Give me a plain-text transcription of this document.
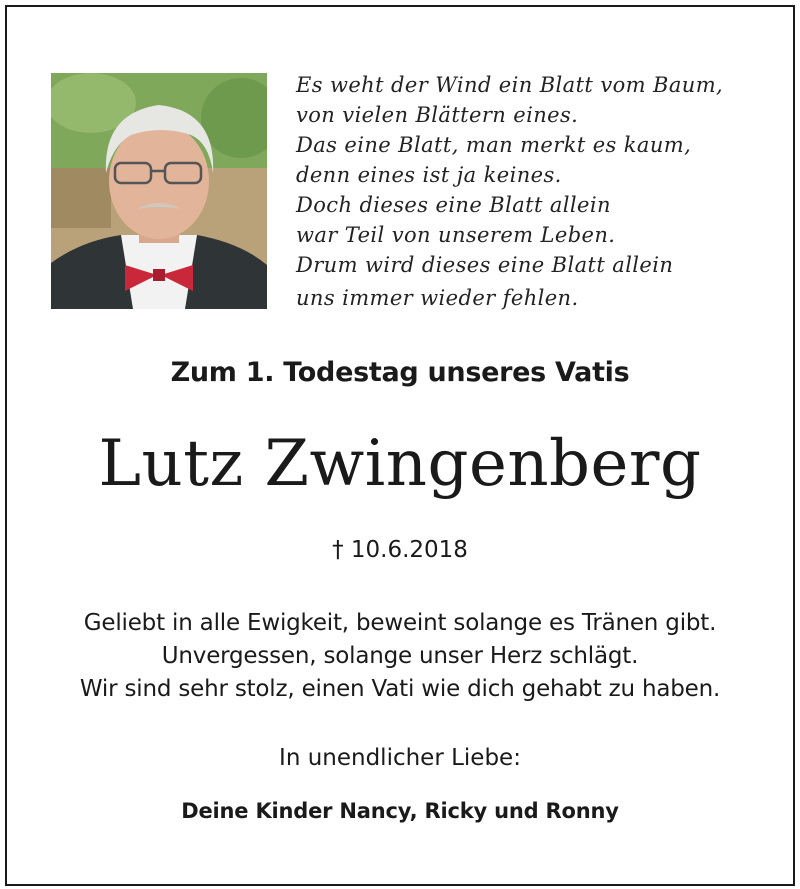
Es weht der Wind ein Blatt vom Baum,
von vielen Blättern eines.
Das eine Blatt, man merkt es kaum,
denn eines ist ja keines.
Doch dieses eine Blatt allein
war Teil von unserem Leben.
Drum wird dieses eine Blatt allein
uns immer wieder fehlen.
Zum 1. Todestag unseres Vatis
Lutz Zwingenberg
† 10.6.2018
Geliebt in alle Ewigkeit, beweint solange es Tränen gibt.
Unvergessen, solange unser Herz schlägt.
Wir sind sehr stolz, einen Vati wie dich gehabt zu haben.
In unendlicher Liebe:
Deine Kinder Nancy, Ricky und Ronny
